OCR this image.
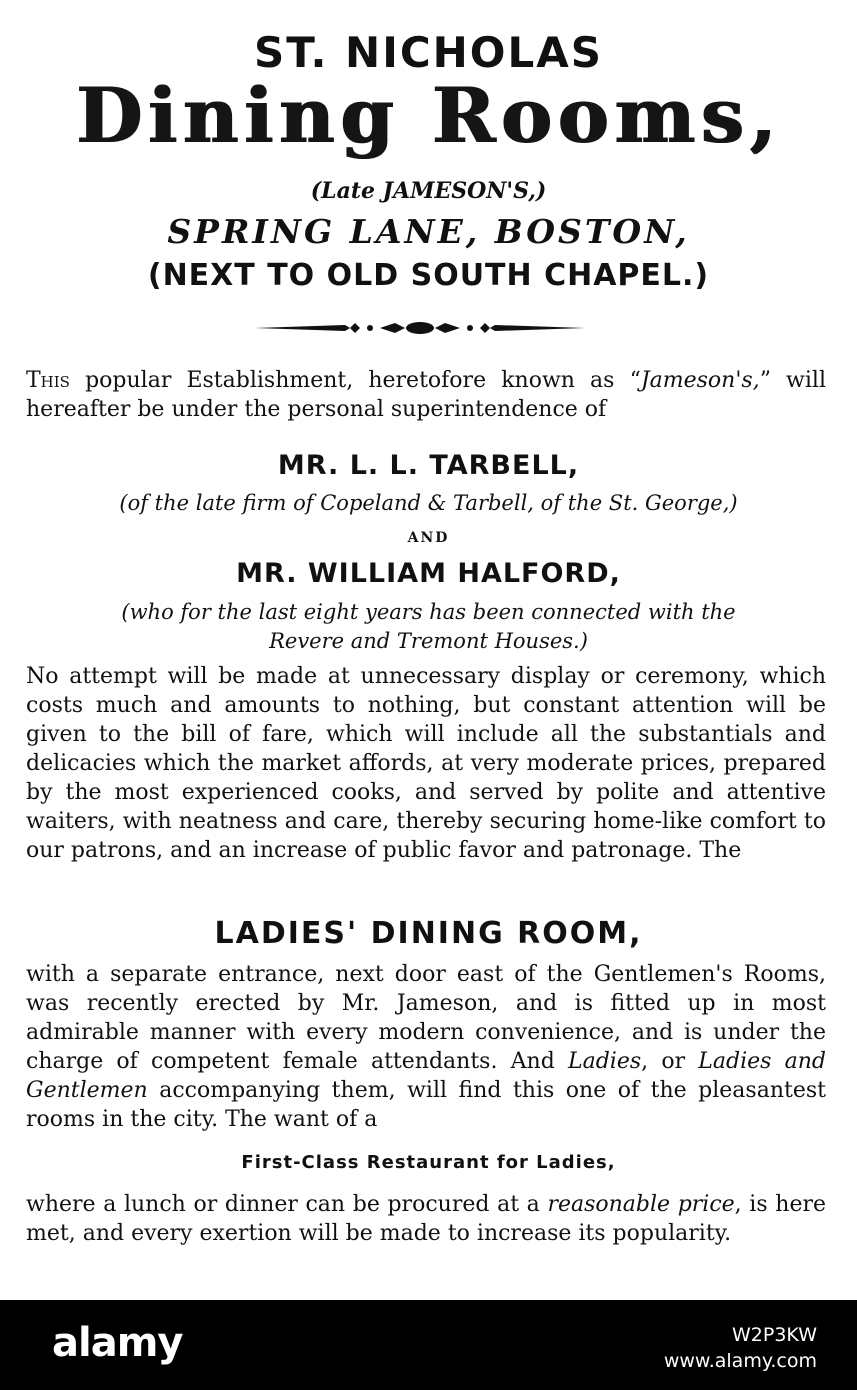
ST. NICHOLAS
Dining Rooms,
(Late JAMESON'S,)
SPRING LANE, BOSTON,
(NEXT TO OLD SOUTH CHAPEL.)
This popular Establishment, heretofore known as “Jameson's,” will hereafter be under the personal superintendence of
MR. L. L. TARBELL,
(of the late firm of Copeland & Tarbell, of the St. George,)
AND
MR. WILLIAM HALFORD,
(who for the last eight years has been connected with the
Revere and Tremont Houses.)
No attempt will be made at unnecessary display or ceremony, which costs much and amounts to nothing, but constant attention will be given to the bill of fare, which will include all the substantials and delicacies which the market affords, at very moderate prices, prepared by the most experienced cooks, and served by polite and attentive waiters, with neatness and care, thereby securing home-like comfort to our patrons, and an increase of public favor and patronage. The
LADIES' DINING ROOM,
with a separate entrance, next door east of the Gentlemen's Rooms, was recently erected by Mr. Jameson, and is fitted up in most admirable manner with every modern convenience, and is under the charge of competent female attendants. And Ladies, or Ladies and Gentlemen accompanying them, will find this one of the pleasantest rooms in the city. The want of a
First-Class Restaurant for Ladies,
where a lunch or dinner can be procured at a reasonable price, is here met, and every exertion will be made to increase its popularity.
alamy	W2P3KW
www.alamy.com
